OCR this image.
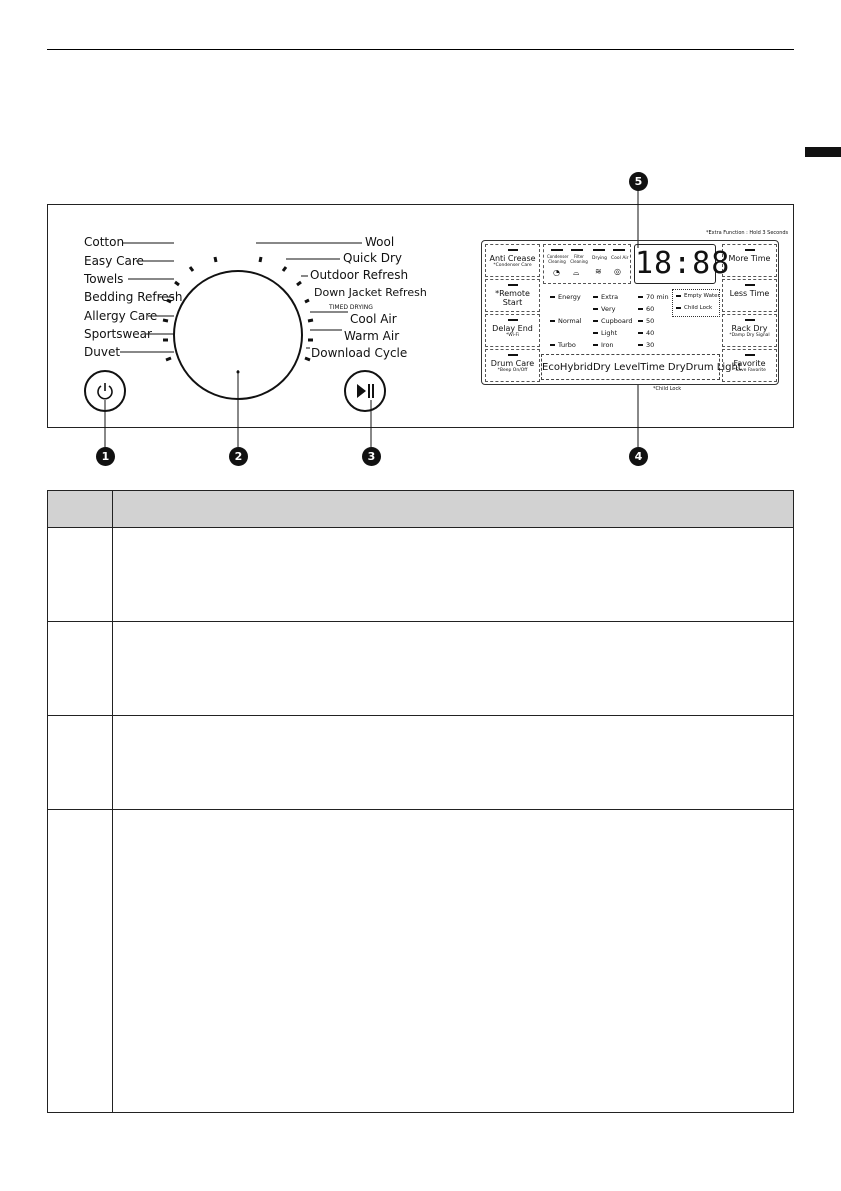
Cotton
Easy Care
Towels
Bedding Refresh
Allergy Care
Sportswear
Duvet
Wool
Quick Dry
Outdoor Refresh
Down Jacket Refresh
TIMED DRYING
Cool Air
Warm Air
Download Cycle
1	2	3	4
5
*Extra Function : Hold 3 Seconds
Anti Crease
*Condenser Care
*Remote Start
Delay End
*Wi-Fi
Drum Care
*Beep On/Off
More Time
Less Time
Rack Dry
*Damp Dry Signal
Favorite
*Save Favorite
Condenser Cleaning
Filter Cleaning
Drying Cool Air
◔ ⌓ ≋ ◎ 18:88
Energy
Normal
Turbo
Extra
Very
Cupboard
Light
Iron
70 min
60
50
40
30
Empty Water
Child Lock
EcoHybrid Dry Level Time Dry Drum Light
*Child Lock
